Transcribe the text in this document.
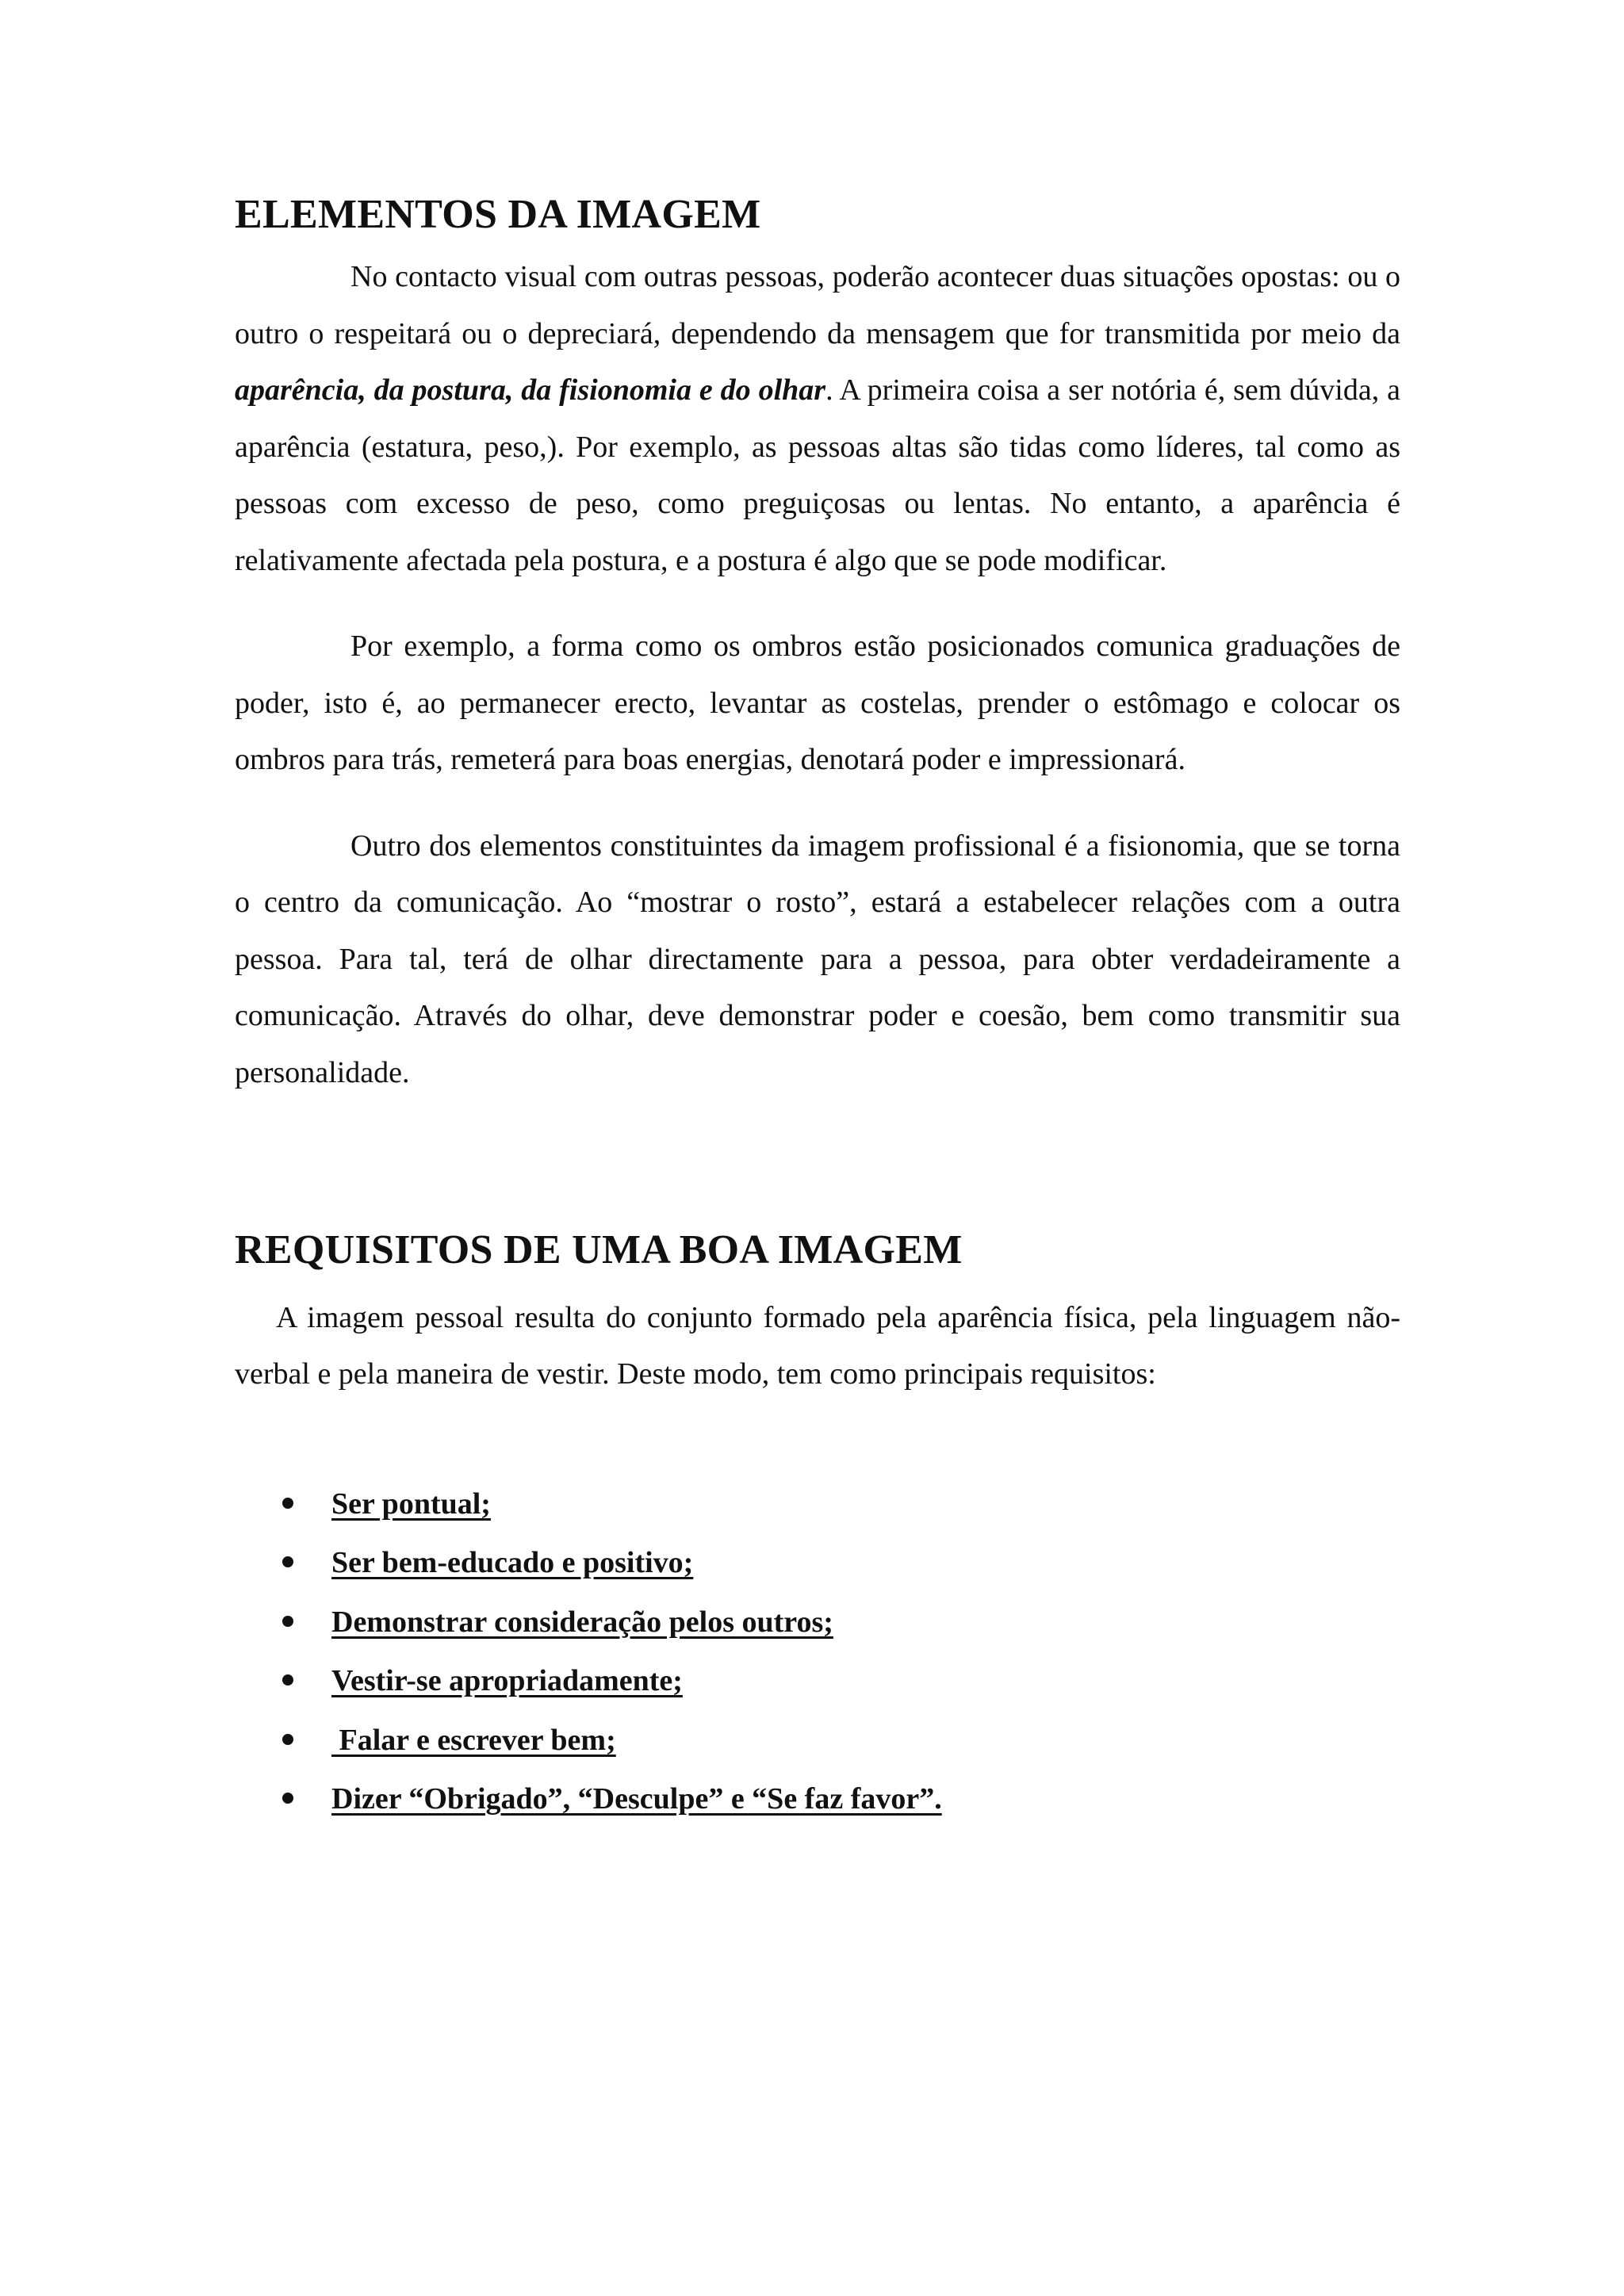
ELEMENTOS DA IMAGEM

No contacto visual com outras pessoas, poderão acontecer duas situações opostas: ou o outro o respeitará ou o depreciará, dependendo da mensagem que for transmitida por meio da aparência, da postura, da fisionomia e do olhar. A primeira coisa a ser notória é, sem dúvida, a aparência (estatura, peso,). Por exemplo, as pessoas altas são tidas como líderes, tal como as pessoas com excesso de peso, como preguiçosas ou lentas. No entanto, a aparência é relativamente afectada pela postura, e a postura é algo que se pode modificar.

Por exemplo, a forma como os ombros estão posicionados comunica graduações de poder, isto é, ao permanecer erecto, levantar as costelas, prender o estômago e colocar os ombros para trás, remeterá para boas energias, denotará poder e impressionará.

Outro dos elementos constituintes da imagem profissional é a fisionomia, que se torna o centro da comunicação. Ao “mostrar o rosto”, estará a estabelecer relações com a outra pessoa. Para tal, terá de olhar directamente para a pessoa, para obter verdadeiramente a comunicação. Através do olhar, deve demonstrar poder e coesão, bem como transmitir sua personalidade.

REQUISITOS DE UMA BOA IMAGEM

A imagem pessoal resulta do conjunto formado pela aparência física, pela linguagem não-verbal e pela maneira de vestir. Deste modo, tem como principais requisitos:

Ser pontual;
Ser bem-educado e positivo;
Demonstrar consideração pelos outros;
Vestir-se apropriadamente;
Falar e escrever bem;
Dizer “Obrigado”, “Desculpe” e “Se faz favor”.
